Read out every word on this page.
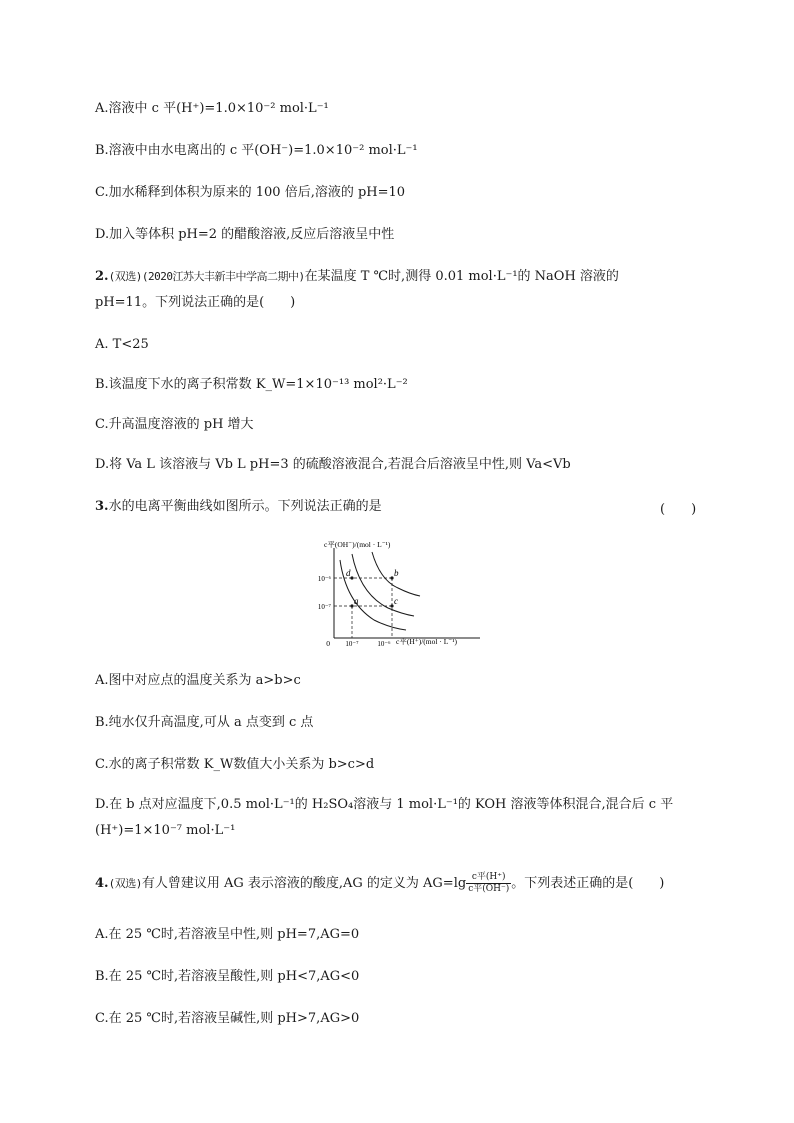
A.溶液中 c 平(H⁺)=1.0×10⁻² mol·L⁻¹
B.溶液中由水电离出的 c 平(OH⁻)=1.0×10⁻² mol·L⁻¹
C.加水稀释到体积为原来的 100 倍后,溶液的 pH=10
D.加入等体积 pH=2 的醋酸溶液,反应后溶液呈中性
2.(双选)(2020江苏大丰新丰中学高二期中)在某温度 T ℃时,测得 0.01 mol·L⁻¹的 NaOH 溶液的
pH=11。下列说法正确的是(　　)
A. T<25
B.该温度下水的离子积常数 K_W=1×10⁻¹³ mol²·L⁻²
C.升高温度溶液的 pH 增大
D.将 Va L 该溶液与 Vb L pH=3 的硫酸溶液混合,若混合后溶液呈中性,则 Va<Vb
3.水的电离平衡曲线如图所示。下列说法正确的是	(　　)
a
b
c
d
c平(OH⁻)/(mol · L⁻¹)
c平(H⁺)/(mol · L⁻¹)
0
10⁻⁶
10⁻⁷
10⁻⁷	10⁻⁶
A.图中对应点的温度关系为 a>b>c
B.纯水仅升高温度,可从 a 点变到 c 点
C.水的离子积常数 K_W数值大小关系为 b>c>d
D.在 b 点对应温度下,0.5 mol·L⁻¹的 H₂SO₄溶液与 1 mol·L⁻¹的 KOH 溶液等体积混合,混合后 c 平
(H⁺)=1×10⁻⁷ mol·L⁻¹
4.(双选)有人曾建议用 AG 表示溶液的酸度,AG 的定义为 $AG=\lg \frac{\text{c平(H⁺)}}{\text{c平(OH⁻)}}$ 。下列表述正确的是(　　)
A.在 25 ℃时,若溶液呈中性,则 pH=7,AG=0
B.在 25 ℃时,若溶液呈酸性,则 pH<7,AG<0
C.在 25 ℃时,若溶液呈碱性,则 pH>7,AG>0
